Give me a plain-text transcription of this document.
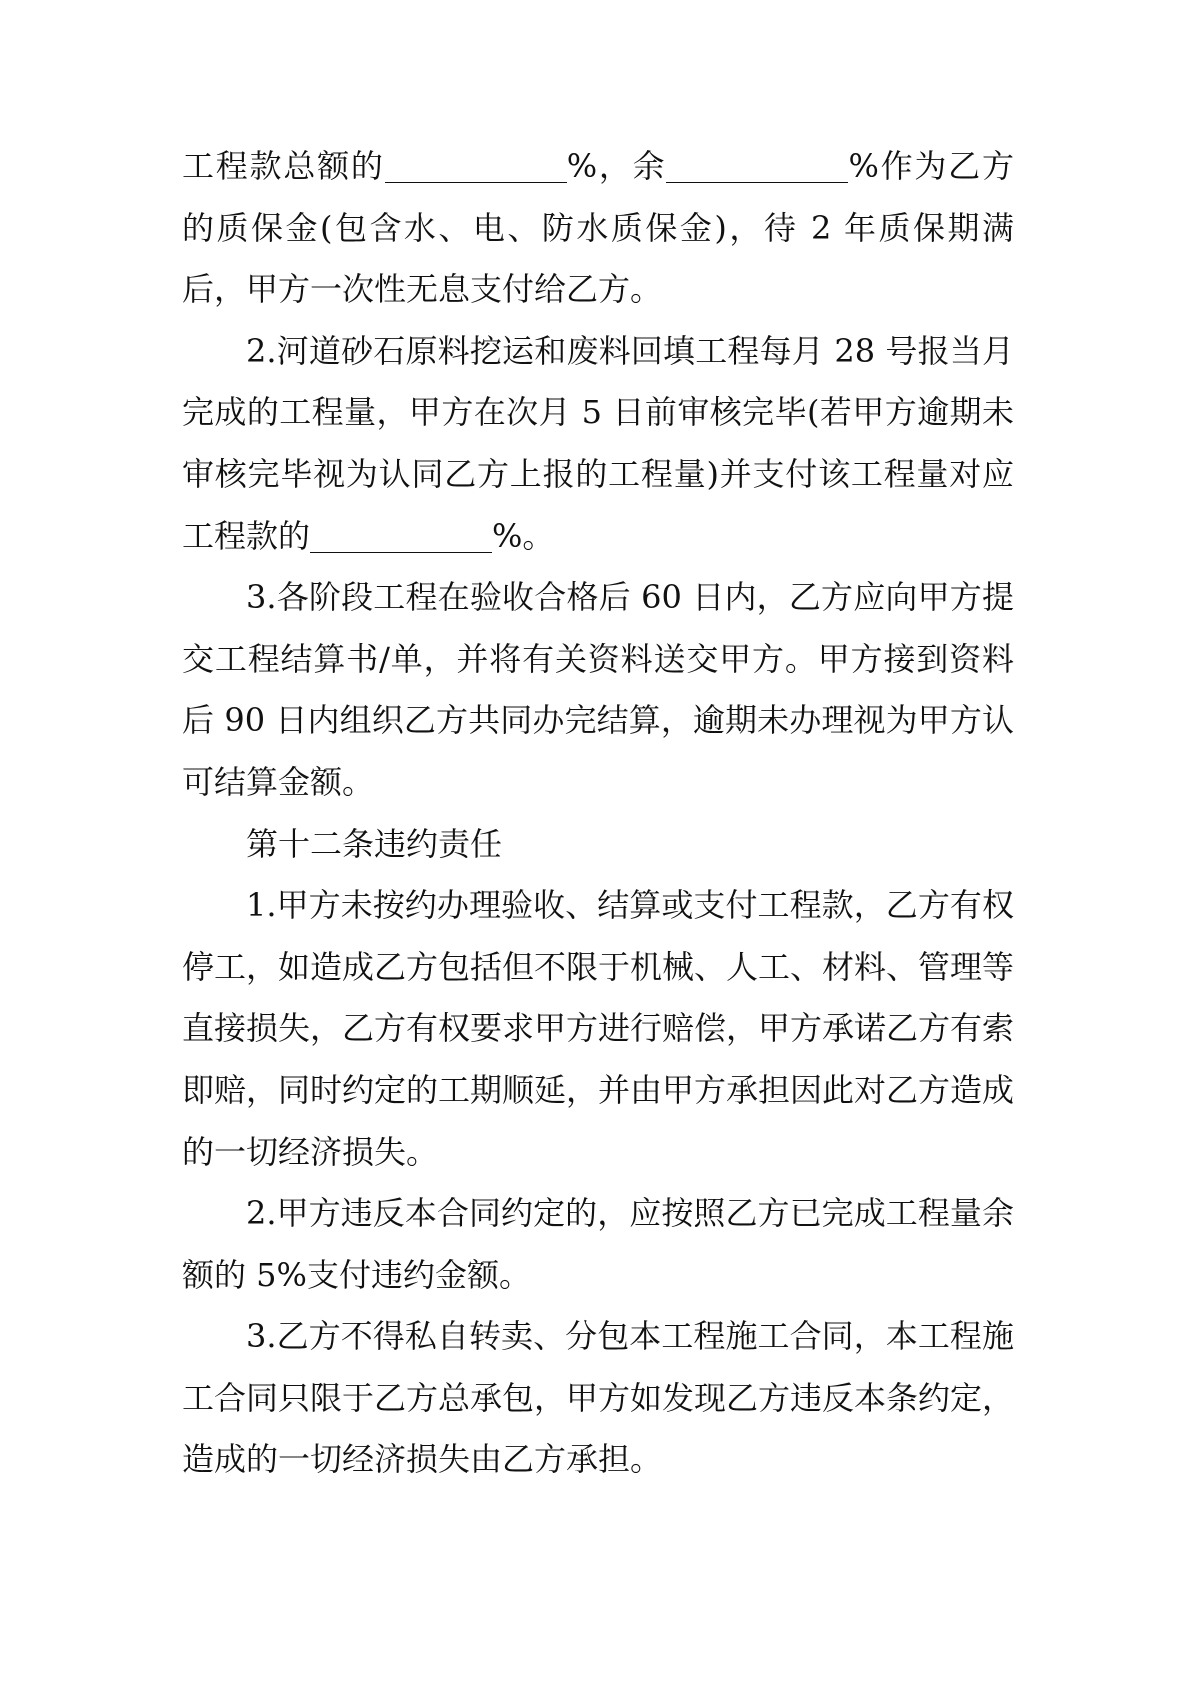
工程款总额的	%，余	%作为乙方的质保金(包含水、电、防水质保金)，待 2 年质保期满后，甲方一次性无息支付给乙方。

2.河道砂石原料挖运和废料回填工程每月 28 号报当月完成的工程量，甲方在次月 5 日前审核完毕(若甲方逾期未审核完毕视为认同乙方上报的工程量)并支付该工程量对应工程款的	%。

3.各阶段工程在验收合格后 60 日内，乙方应向甲方提交工程结算书/单，并将有关资料送交甲方。甲方接到资料后 90 日内组织乙方共同办完结算，逾期未办理视为甲方认可结算金额。

第十二条违约责任

1.甲方未按约办理验收、结算或支付工程款，乙方有权停工，如造成乙方包括但不限于机械、人工、材料、管理等直接损失，乙方有权要求甲方进行赔偿，甲方承诺乙方有索即赔，同时约定的工期顺延，并由甲方承担因此对乙方造成的一切经济损失。

2.甲方违反本合同约定的，应按照乙方已完成工程量余额的 5%支付违约金额。

3.乙方不得私自转卖、分包本工程施工合同，本工程施工合同只限于乙方总承包，甲方如发现乙方违反本条约定，造成的一切经济损失由乙方承担。
